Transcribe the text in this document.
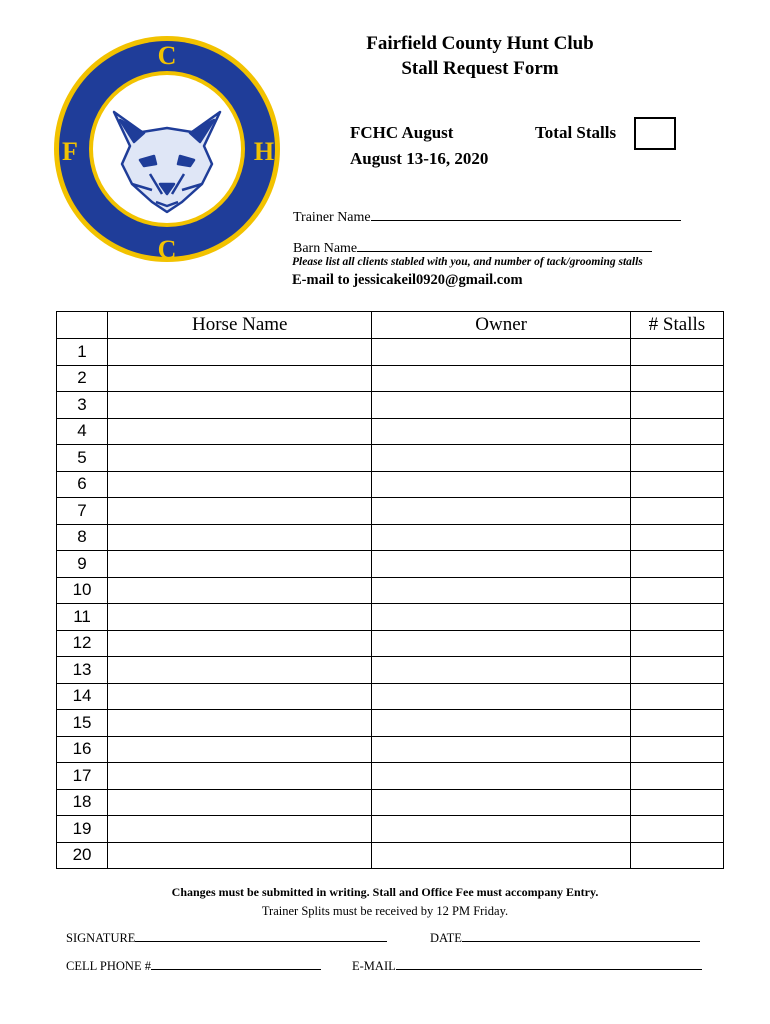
C
F	H
C
Fairfield County Hunt Club
Stall Request Form
FCHC August
August 13-16, 2020
Total Stalls
Trainer Name
Barn Name
Please list all clients stabled with you, and number of tack/grooming stalls
E-mail to jessicakeil0920@gmail.com
	Horse Name	Owner	# Stalls
1			
2			
3			
4			
5			
6			
7			
8			
9			
10			
11			
12			
13			
14			
15			
16			
17			
18			
19			
20			
Changes must be submitted in writing. Stall and Office Fee must accompany Entry.
Trainer Splits must be received by 12 PM Friday.
SIGNATURE	DATE
CELL PHONE #	E-MAIL
